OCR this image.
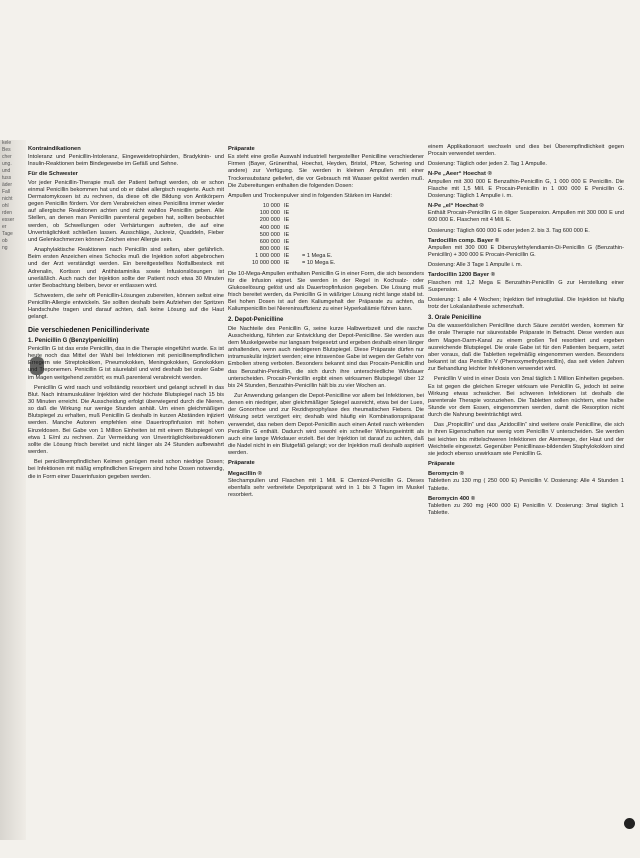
kele
Bes
cher
ung.
und
tuss
äder
Fall
nicht
ohl
rden
esser
er
Tage
ob
ng
Kontraindikationen

Intoleranz und Penicillin-Intoleranz, Eingeweidetrophärden, Bradykinin- und Insulin-Reaktionen beim Bindegewebe im Gefäß und Sehne.

Für die Schwester

Vor jeder Penicillin-Therapie muß der Patient befragt werden, ob er schon einmal Penicillin bekommen hat und ob er dabei allergisch reagierte. Auch mit Dermatomykosen ist zu rechnen, da diese oft die Bildung von Antikörpern gegen Penicillin fördern. Vor dem Verabreichen eines Penicillins immer wieder auf allergische Reaktionen achten und nicht wahllos Penicillin geben. Alle Stellen, an denen man Penicillin parenteral gegeben hat, sollten beobachtet werden, ob Schwellungen oder Verhärtungen auftreten, die auf eine Unverträglichkeit schließen lassen. Ausschläge, Juckreiz, Quaddeln, Fieber und Gelenkschmerzen können Zeichen einer Allergie sein.

Anaphylaktische Reaktionen nach Penicillin sind selten, aber gefährlich. Beim ersten Anzeichen eines Schocks muß die Injektion sofort abgebrochen und der Arzt verständigt werden. Ein bereitgestelltes Notfallbesteck mit Adrenalin, Kortison und Antihistaminika sowie Infusionslösungen ist unerläßlich. Auch nach der Injektion sollte der Patient noch etwa 30 Minuten unter Beobachtung bleiben, bevor er entlassen wird.

Schwestern, die sehr oft Penicillin-Lösungen zubereiten, können selbst eine Penicillin-Allergie entwickeln. Sie sollten deshalb beim Aufziehen der Spritzen Handschuhe tragen und darauf achten, daß keine Lösung auf die Haut gelangt.

Die verschiedenen Penicillinderivate
1. Penicillin G (Benzylpenicillin)

Penicillin G ist das erste Penicillin, das in die Therapie eingeführt wurde. Es ist heute noch das Mittel der Wahl bei Infektionen mit penicillinempfindlichen Erregern wie Streptokokken, Pneumokokken, Meningokokken, Gonokokken und Treponemen. Penicillin G ist säurelabil und wird deshalb bei oraler Gabe im Magen weitgehend zerstört; es muß parenteral verabreicht werden.

Penicillin G wird rasch und vollständig resorbiert und gelangt schnell in das Blut. Nach intramuskulärer Injektion wird der höchste Blutspiegel nach 15 bis 30 Minuten erreicht. Die Ausscheidung erfolgt überwiegend durch die Nieren, so daß die Wirkung nur wenige Stunden anhält. Um einen gleichmäßigen Blutspiegel zu erhalten, muß Penicillin G deshalb in kurzen Abständen injiziert werden. Manche Autoren empfehlen eine Dauertropfinfusion mit hohen Einzeldosen. Bei Gabe von 1 Million Einheiten ist mit einem Blutspiegel von etwa 1 E/ml zu rechnen. Zur Vermeidung von Unverträglichkeitsreaktionen sollte die Lösung frisch bereitet und nicht länger als 24 Stunden aufbewahrt werden.

Bei penicillinempfindlichen Keimen genügen meist schon niedrige Dosen; bei Infektionen mit mäßig empfindlichen Erregern sind hohe Dosen notwendig, die in Form einer Dauerinfusion gegeben werden.

Präparate

Es steht eine große Auswahl industriell hergestellter Penicilline verschiedener Firmen (Bayer, Grünenthal, Hoechst, Heyden, Bristol, Pfizer, Schering und andere) zur Verfügung. Sie werden in kleinen Ampullen mit einer Trockensubstanz geliefert, die vor Gebrauch mit Wasser gelöst werden muß. Die Zubereitungen enthalten die folgenden Dosen:

Ampullen und Trockenpulver sind in folgenden Stärken im Handel:

10 000 IE
100 000 IE
200 000 IE
400 000 IE
500 000 IE
600 000 IE
800 000 IE
1 000 000 IE	= 1 Mega E.
10 000 000 IE	= 10 Mega E.

Die 10-Mega-Ampullen enthalten Penicillin G in einer Form, die sich besonders für die Infusion eignet. Sie werden in der Regel in Kochsalz- oder Glukoselösung gelöst und als Dauertropfinfusion gegeben. Die Lösung muß frisch bereitet werden, da Penicillin G in wäßriger Lösung nicht lange stabil ist. Bei hohen Dosen ist auf den Kaliumgehalt der Präparate zu achten, da Kaliumpenicillin bei Niereninsuffizienz zu einer Hyperkaliämie führen kann.

2. Depot-Penicilline

Die Nachteile des Penicillin G, seine kurze Halbwertszeit und die rasche Ausscheidung, führten zur Entwicklung der Depot-Penicilline. Sie werden aus dem Muskelgewebe nur langsam freigesetzt und ergeben deshalb einen länger anhaltenden, wenn auch niedrigeren Blutspiegel. Diese Präparate dürfen nur intramuskulär injiziert werden; eine intravenöse Gabe ist wegen der Gefahr von Embolien streng verboten. Besonders bekannt sind das Procain-Penicillin und das Benzathin-Penicillin, die sich durch ihre unterschiedliche Wirkdauer unterscheiden. Procain-Penicillin ergibt einen wirksamen Blutspiegel über 12 bis 24 Stunden, Benzathin-Penicillin hält bis zu vier Wochen an.

Zur Anwendung gelangen die Depot-Penicilline vor allem bei Infektionen, bei denen ein niedriger, aber gleichmäßiger Spiegel ausreicht, etwa bei der Lues, der Gonorrhoe und zur Rezidivprophylaxe des rheumatischen Fiebers. Die Wirkung setzt verzögert ein; deshalb wird häufig ein Kombinationspräparat verwendet, das neben dem Depot-Penicillin auch einen Anteil rasch wirkenden Penicillin G enthält. Dadurch wird sowohl ein schneller Wirkungseintritt als auch eine lange Wirkdauer erzielt. Bei der Injektion ist darauf zu achten, daß die Nadel nicht in ein Blutgefäß gelangt; vor der Injektion muß deshalb aspiriert werden.

Präparate
Megacillin ®

Stechampullen und Flaschen mit 1 Mill. E Clemizol-Penicillin G. Dieses ebenfalls sehr verbreitete Depotpräparat wird in 1 bis 3 Tagen im Muskel resorbiert.

einem Applikationsort wechseln und dies bei Überempfindlichkeit gegen Procain verwendet werden.

Dosierung: Täglich oder jeden 2. Tag 1 Ampulle.

N-Pe „Aeer“ Hoechst ®

Ampullen mit 300 000 E Benzathin-Penicillin G, 1 000 000 E Penicillin. Die Flasche mit 1,5 Mill. E Procain-Penicillin in 1 000 000 E Penicillin G. Dosierung: Täglich 1 Ampulle i. m.

N-Pe „el“ Hoechst ®

Enthält Procain-Penicillin G in öliger Suspension. Ampullen mit 300 000 E und 600 000 E. Flaschen mit 4 Mill. E.

Dosierung: Täglich 600 000 E oder jeden 2. bis 3. Tag 600 000 E.

Tardocillin comp. Bayer ®

Ampullen mit 300 000 E Dibenzylethylendiamin-Di-Penicillin G (Benzathin-Penicillin) + 300 000 E Procain-Penicillin G.

Dosierung: Alle 3 Tage 1 Ampulle i. m.

Tardocillin 1200 Bayer ®

Flaschen mit 1,2 Mega E Benzathin-Penicillin G zur Herstellung einer Suspension.

Dosierung: 1 alle 4 Wochen; Injektion tief intraglutäal. Die Injektion ist häufig trotz der Lokalanästhesie schmerzhaft.

3. Orale Penicilline

Da die wasserlöslichen Penicilline durch Säure zerstört werden, kommen für die orale Therapie nur säurestabile Präparate in Betracht. Diese werden aus dem Magen-Darm-Kanal zu einem großen Teil resorbiert und ergeben ausreichende Blutspiegel. Die orale Gabe ist für den Patienten bequem, setzt aber voraus, daß die Tabletten regelmäßig eingenommen werden. Besonders bekannt ist das Penicillin V (Phenoxymethylpenicillin), das seit vielen Jahren zur Behandlung leichter Infektionen verwendet wird.

Penicillin V wird in einer Dosis von 3mal täglich 1 Million Einheiten gegeben. Es ist gegen die gleichen Erreger wirksam wie Penicillin G, jedoch ist seine Wirkung etwas schwächer. Bei schweren Infektionen ist deshalb die parenterale Therapie vorzuziehen. Die Tabletten sollen nüchtern, eine halbe Stunde vor dem Essen, eingenommen werden, damit die Resorption nicht durch die Nahrung beeinträchtigt wird.

Das „Propicillin“ und das „Azidocillin“ sind weitere orale Penicilline, die sich in ihren Eigenschaften nur wenig vom Penicillin V unterscheiden. Sie werden bei leichten bis mittelschweren Infektionen der Atemwege, der Haut und der Weichteile eingesetzt. Gegenüber Penicillinase-bildenden Staphylokokken sind sie jedoch ebenso unwirksam wie Penicillin G.

Präparate
Beromycin ®

Tabletten zu 130 mg ( 250 000 E) Penicillin V. Dosierung: Alle 4 Stunden 1 Tablette.

Beromycin 400 ®

Tabletten zu 260 mg (400 000 E) Penicillin V. Dosierung: 3mal täglich 1 Tablette.
